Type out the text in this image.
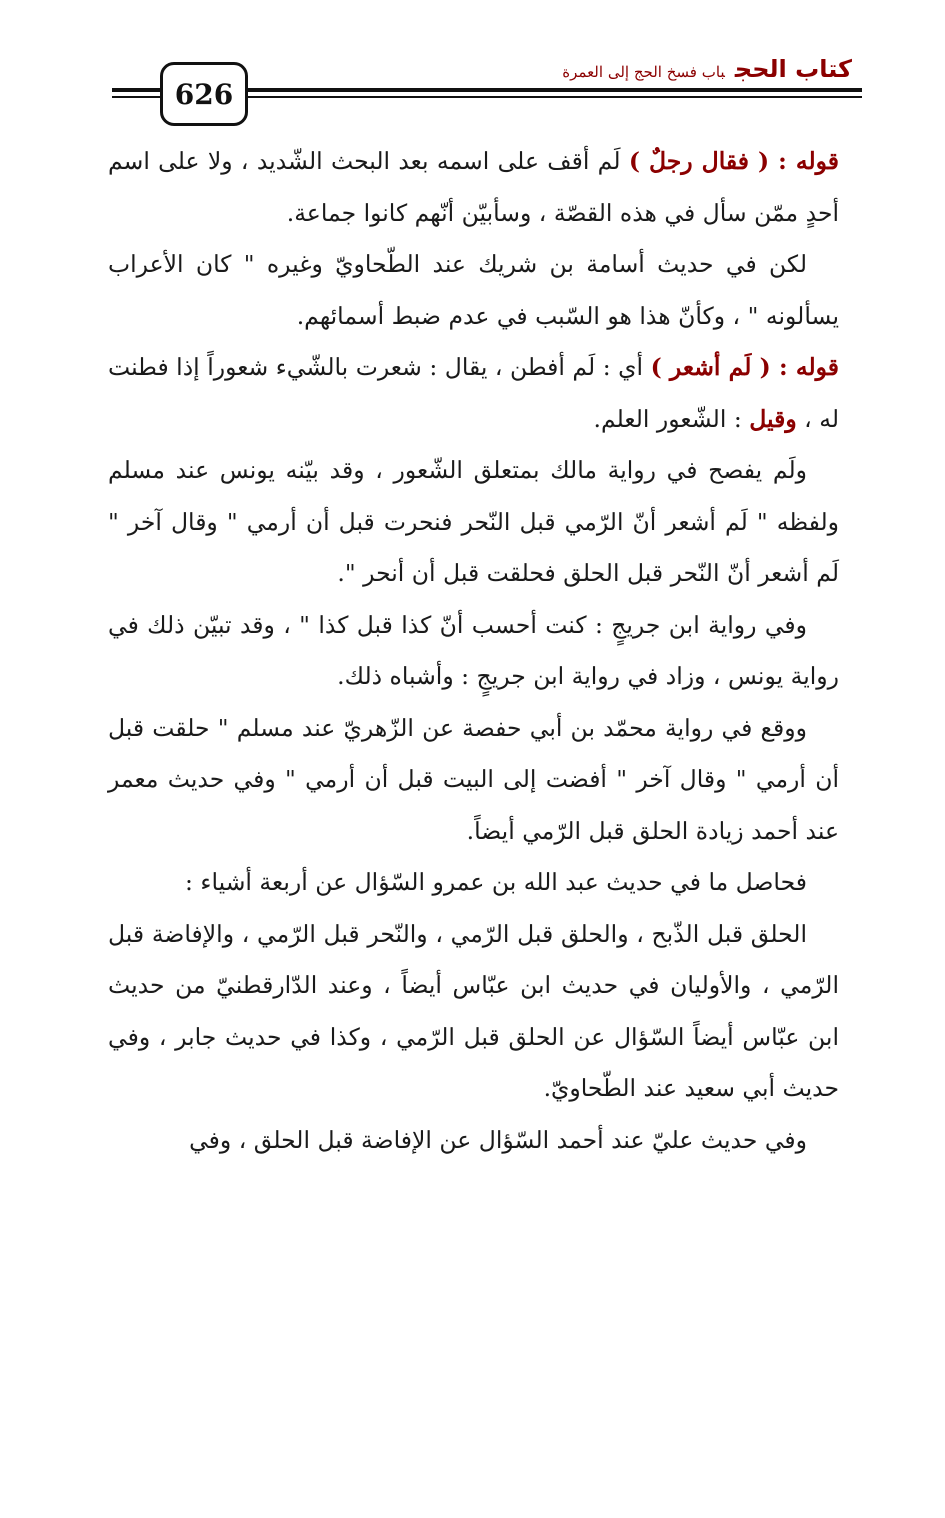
626
كتاب الحجباب فسخ الحج إلى العمرة

قوله : ( فقال رجلٌ ) لَم أقف على اسمه بعد البحث الشّديد ، ولا على اسم أحدٍ ممّن سأل في هذه القصّة ، وسأبيّن أنّهم كانوا جماعة.

لكن في حديث أسامة بن شريك عند الطّحاويّ وغيره " كان الأعراب يسألونه " ، وكأنّ هذا هو السّبب في عدم ضبط أسمائهم.

قوله : ( لَم أشعر ) أي : لَم أفطن ، يقال : شعرت بالشّيء شعوراً إذا فطنت له ، وقيل : الشّعور العلم.

ولَم يفصح في رواية مالك بمتعلق الشّعور ، وقد بيّنه يونس عند مسلم ولفظه " لَم أشعر أنّ الرّمي قبل النّحر فنحرت قبل أن أرمي " وقال آخر " لَم أشعر أنّ النّحر قبل الحلق فحلقت قبل أن أنحر ".

وفي رواية ابن جريجٍ : كنت أحسب أنّ كذا قبل كذا " ، وقد تبيّن ذلك في رواية يونس ، وزاد في رواية ابن جريجٍ : وأشباه ذلك.

ووقع في رواية محمّد بن أبي حفصة عن الزّهريّ عند مسلم " حلقت قبل أن أرمي " وقال آخر " أفضت إلى البيت قبل أن أرمي " وفي حديث معمر عند أحمد زيادة الحلق قبل الرّمي أيضاً.

فحاصل ما في حديث عبد الله بن عمرو السّؤال عن أربعة أشياء :

الحلق قبل الذّبح ، والحلق قبل الرّمي ، والنّحر قبل الرّمي ، والإفاضة قبل الرّمي ، والأوليان في حديث ابن عبّاس أيضاً ، وعند الدّارقطنيّ من حديث ابن عبّاس أيضاً السّؤال عن الحلق قبل الرّمي ، وكذا في حديث جابر ، وفي حديث أبي سعيد عند الطّحاويّ.

وفي حديث عليّ عند أحمد السّؤال عن الإفاضة قبل الحلق ، وفي
